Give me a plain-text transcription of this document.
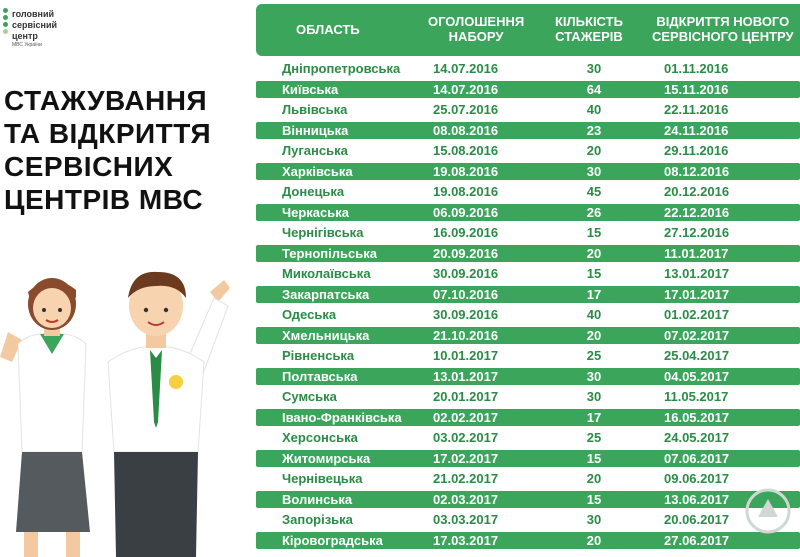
головний
сервісний
центр
МВС України
СТАЖУВАННЯ
ТА ВІДКРИТТЯ
СЕРВІСНИХ
ЦЕНТРІВ МВС
ОБЛАСТЬ
ОГОЛОШЕННЯ
НАБОРУ
КІЛЬКІСТЬ
СТАЖЕРІВ
ВІДКРИТТЯ НОВОГО
СЕРВІСНОГО ЦЕНТРУ
Дніпропетровська	14.07.2016	30	01.11.2016
Київська	14.07.2016	64	15.11.2016
Львівська	25.07.2016	40	22.11.2016
Вінницька	08.08.2016	23	24.11.2016
Луганська	15.08.2016	20	29.11.2016
Харківська	19.08.2016	30	08.12.2016
Донецька	19.08.2016	45	20.12.2016
Черкаська	06.09.2016	26	22.12.2016
Чернігівська	16.09.2016	15	27.12.2016
Тернопільська	20.09.2016	20	11.01.2017
Миколаївська	30.09.2016	15	13.01.2017
Закарпатська	07.10.2016	17	17.01.2017
Одеська	30.09.2016	40	01.02.2017
Хмельницька	21.10.2016	20	07.02.2017
Рівненська	10.01.2017	25	25.04.2017
Полтавська	13.01.2017	30	04.05.2017
Сумська	20.01.2017	30	11.05.2017
Івано-Франківська 02.02.2017	17	16.05.2017
Херсонська	03.02.2017	25	24.05.2017
Житомирська	17.02.2017	15	07.06.2017
Чернівецька	21.02.2017	20	09.06.2017
Волинська	02.03.2017	15	13.06.2017
Запорізька	03.03.2017	30	20.06.2017
Кіровоградська	17.03.2017	20	27.06.2017
